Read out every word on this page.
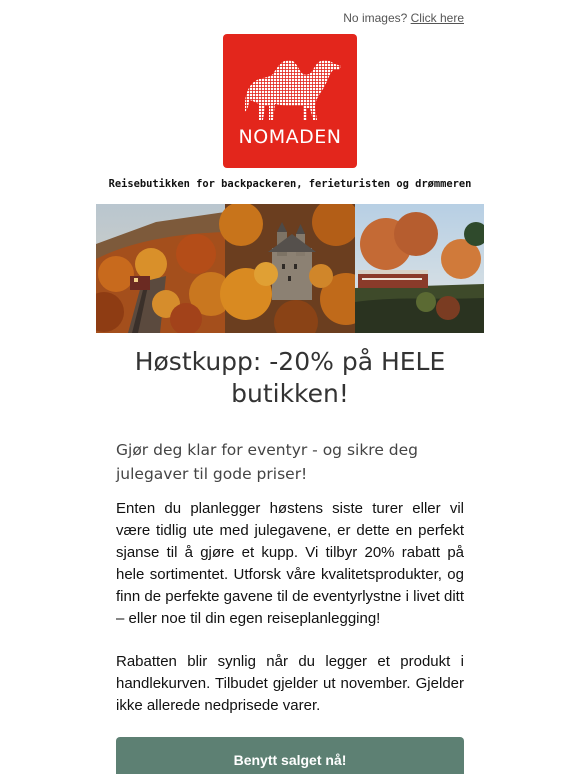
No images? Click here
NOMADEN
Reisebutikken for backpackeren, ferieturisten og drømmeren
Høstkupp: -20% på HELE butikken!

Gjør deg klar for eventyr - og sikre deg julegaver til gode priser!

Enten du planlegger høstens siste turer eller vil være tidlig ute med julegavene, er dette en perfekt sjanse til å gjøre et kupp. Vi tilbyr 20% rabatt på hele sortimentet. Utforsk våre kvalitetsprodukter, og finn de perfekte gavene til de eventyrlystne i livet ditt – eller noe til din egen reiseplanlegging!

Rabatten blir synlig når du legger et produkt i handlekurven. Tilbudet gjelder ut november. Gjelder ikke allerede nedprisede varer.

Benytt salget nå!
